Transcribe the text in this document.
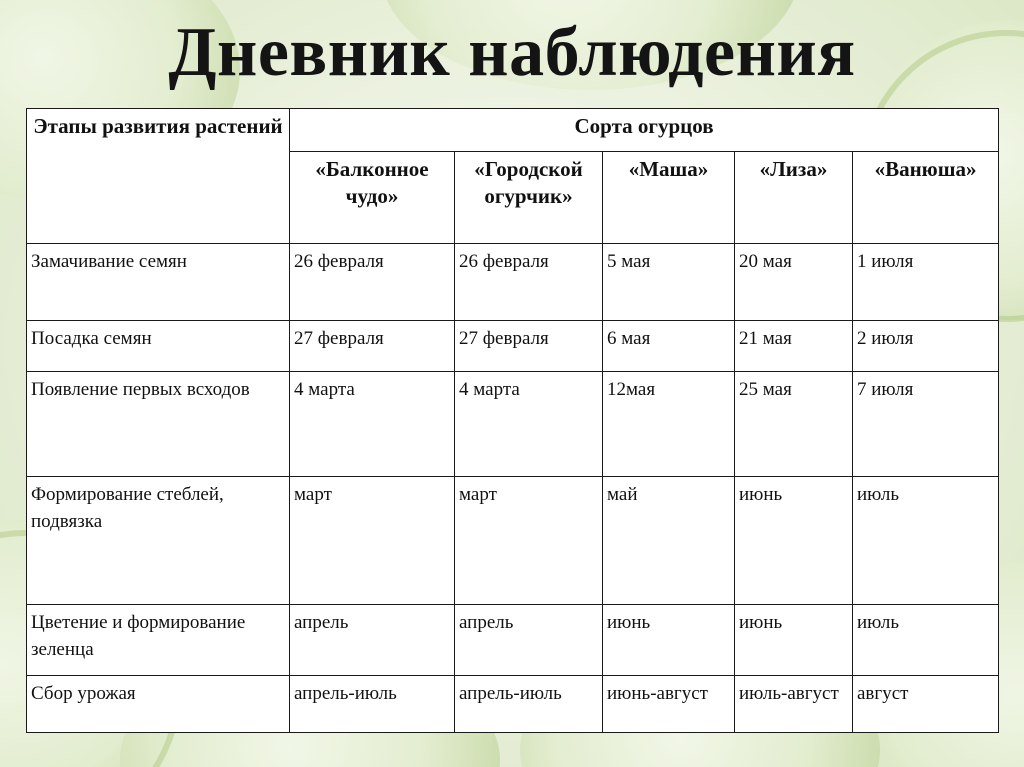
Дневник наблюдения
Этапы развития растений	Сорта огурцов				
	«Балконное чудо»	«Городской огурчик»	«Маша»	«Лиза»	«Ванюша»
Замачивание семян	26 февраля	26 февраля	5 мая	20 мая	1 июля
Посадка семян	27 февраля	27 февраля	6 мая	21 мая	2 июля
Появление первых всходов	4 марта	4 марта	12мая	25 мая	7 июля
Формирование стеблей, подвязка	март	март	май	июнь	июль
Цветение и формирование зеленца	апрель	апрель	июнь	июнь	июль
Сбор урожая	апрель-июль	апрель-июль	июнь-август	июль-август	август
